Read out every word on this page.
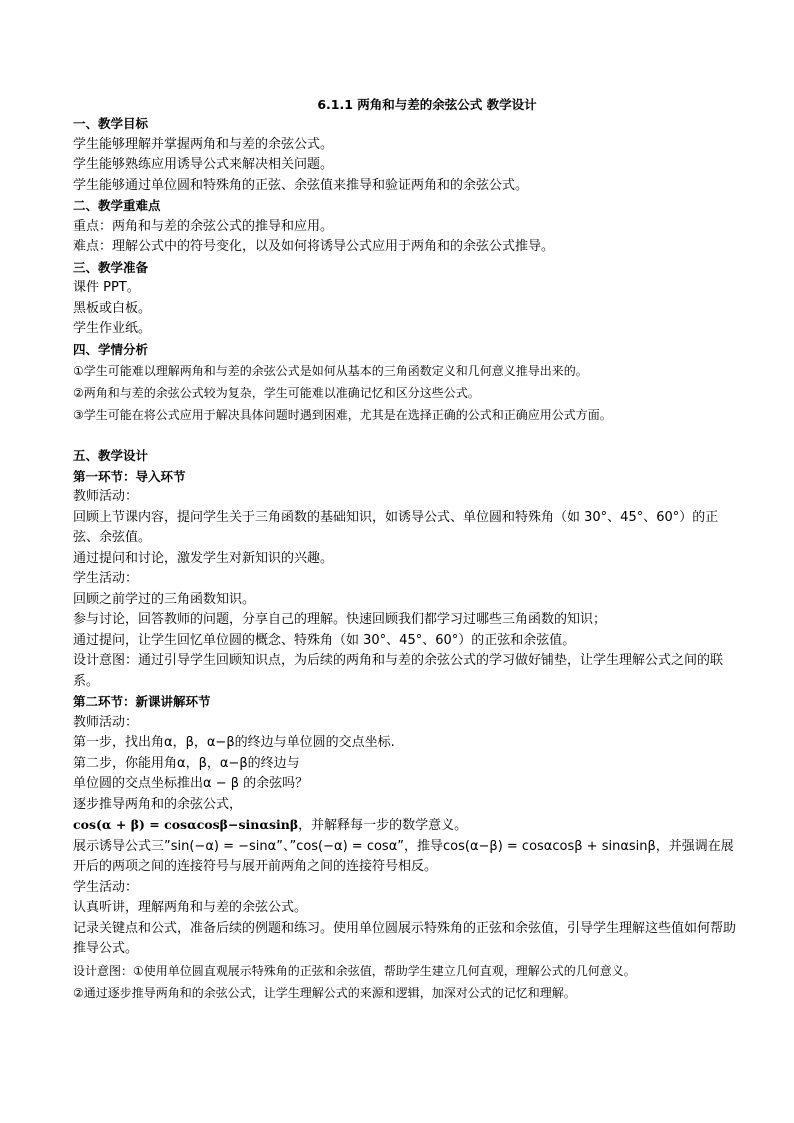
6.1.1 两角和与差的余弦公式 教学设计
一、教学目标
学生能够理解并掌握两角和与差的余弦公式。
学生能够熟练应用诱导公式来解决相关问题。
学生能够通过单位圆和特殊角的正弦、余弦值来推导和验证两角和的余弦公式。
二、教学重难点
重点：两角和与差的余弦公式的推导和应用。
难点：理解公式中的符号变化，以及如何将诱导公式应用于两角和的余弦公式推导。
三、教学准备
课件 PPT。
黑板或白板。
学生作业纸。
四、学情分析
①学生可能难以理解两角和与差的余弦公式是如何从基本的三角函数定义和几何意义推导出来的。
②两角和与差的余弦公式较为复杂，学生可能难以准确记忆和区分这些公式。
③学生可能在将公式应用于解决具体问题时遇到困难，尤其是在选择正确的公式和正确应用公式方面。
五、教学设计
第一环节：导入环节
教师活动：
回顾上节课内容，提问学生关于三角函数的基础知识，如诱导公式、单位圆和特殊角（如 30°、45°、60°）的正弦、余弦值。
通过提问和讨论，激发学生对新知识的兴趣。
学生活动：
回顾之前学过的三角函数知识。
参与讨论，回答教师的问题，分享自己的理解。快速回顾我们都学习过哪些三角函数的知识；
通过提问，让学生回忆单位圆的概念、特殊角（如 30°、45°、60°）的正弦和余弦值。
设计意图：通过引导学生回顾知识点，为后续的两角和与差的余弦公式的学习做好铺垫，让学生理解公式之间的联系。
第二环节：新课讲解环节
教师活动：
第一步，找出角α，β，α−β的终边与单位圆的交点坐标.
第二步，你能用角α，β，α−β的终边与
单位圆的交点坐标推出α − β 的余弦吗？
逐步推导两角和的余弦公式，
cos(α + β) = cosαcosβ−sinαsinβ，并解释每一步的数学意义。
展示诱导公式三”sin(−α) = −sinα”、”cos(−α) = cosα”，推导cos(α−β) = cosαcosβ + sinαsinβ，并强调在展开后的两项之间的连接符号与展开前两角之间的连接符号相反。
学生活动：
认真听讲，理解两角和与差的余弦公式。
记录关键点和公式，准备后续的例题和练习。使用单位圆展示特殊角的正弦和余弦值，引导学生理解这些值如何帮助推导公式。
设计意图：①使用单位圆直观展示特殊角的正弦和余弦值，帮助学生建立几何直观，理解公式的几何意义。
②通过逐步推导两角和的余弦公式，让学生理解公式的来源和逻辑，加深对公式的记忆和理解。
